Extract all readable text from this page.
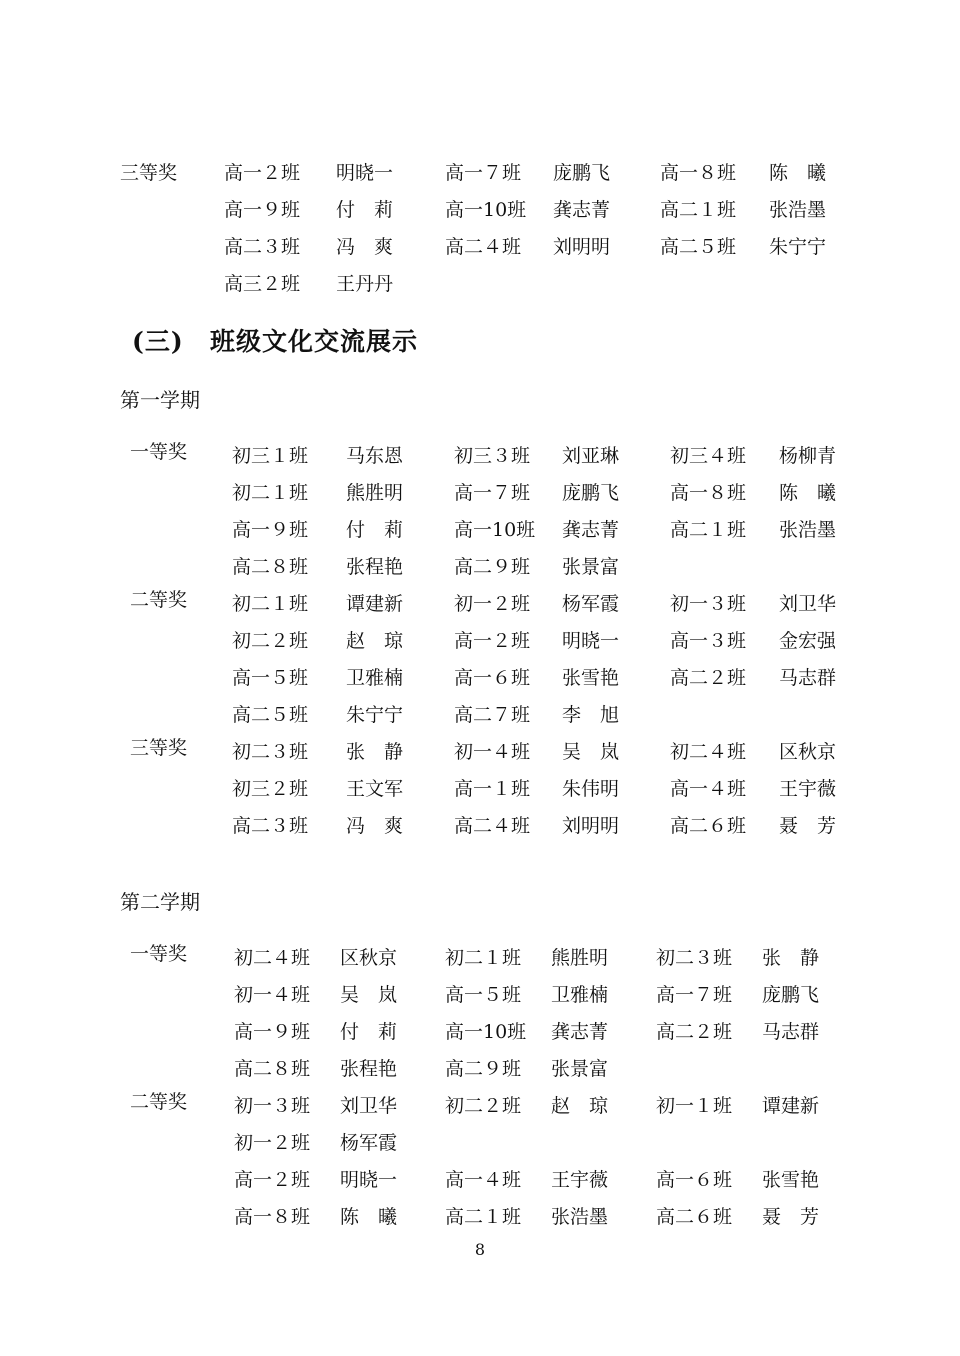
三等奖 高一２班 明晓一	高一７班 庞鹏飞	高一８班 陈　曦
高一９班 付　莉	高一10班 龚志菁	高二１班 张浩墨
高二３班 冯　爽	高二４班 刘明明	高二５班 朱宁宁
高三２班 王丹丹
(三) 班级文化交流展示
第一学期
一等奖 初三１班 马东恩	初三３班 刘亚琳	初三４班 杨柳青
初二１班 熊胜明	高一７班 庞鹏飞	高一８班 陈　曦
高一９班 付　莉	高一10班 龚志菁	高二１班 张浩墨
高二８班 张程艳	高二９班 张景富
二等奖 初二１班 谭建新	初一２班 杨军霞	初一３班 刘卫华
初二２班 赵　琼	高一２班 明晓一	高一３班 金宏强
高一５班 卫雅楠	高一６班 张雪艳	高二２班 马志群
高二５班 朱宁宁	高二７班 李　旭
三等奖 初二３班 张　静	初一４班 吴　岚	初二４班 区秋京
初三２班 王文军	高一１班 朱伟明	高一４班 王宇薇
高二３班 冯　爽	高二４班 刘明明	高二６班 聂　芳
第二学期
一等奖 初二４班 区秋京	初二１班 熊胜明	初二３班 张　静
初一４班 吴　岚	高一５班 卫雅楠	高一７班 庞鹏飞
高一９班 付　莉	高一10班 龚志菁	高二２班 马志群
高二８班 张程艳	高二９班 张景富
二等奖 初一３班 刘卫华	初二２班 赵　琼	初一１班 谭建新
初一２班 杨军霞
高一２班 明晓一	高一４班 王宇薇	高一６班 张雪艳
高一８班 陈　曦	高二１班 张浩墨	高二６班 聂　芳
8
